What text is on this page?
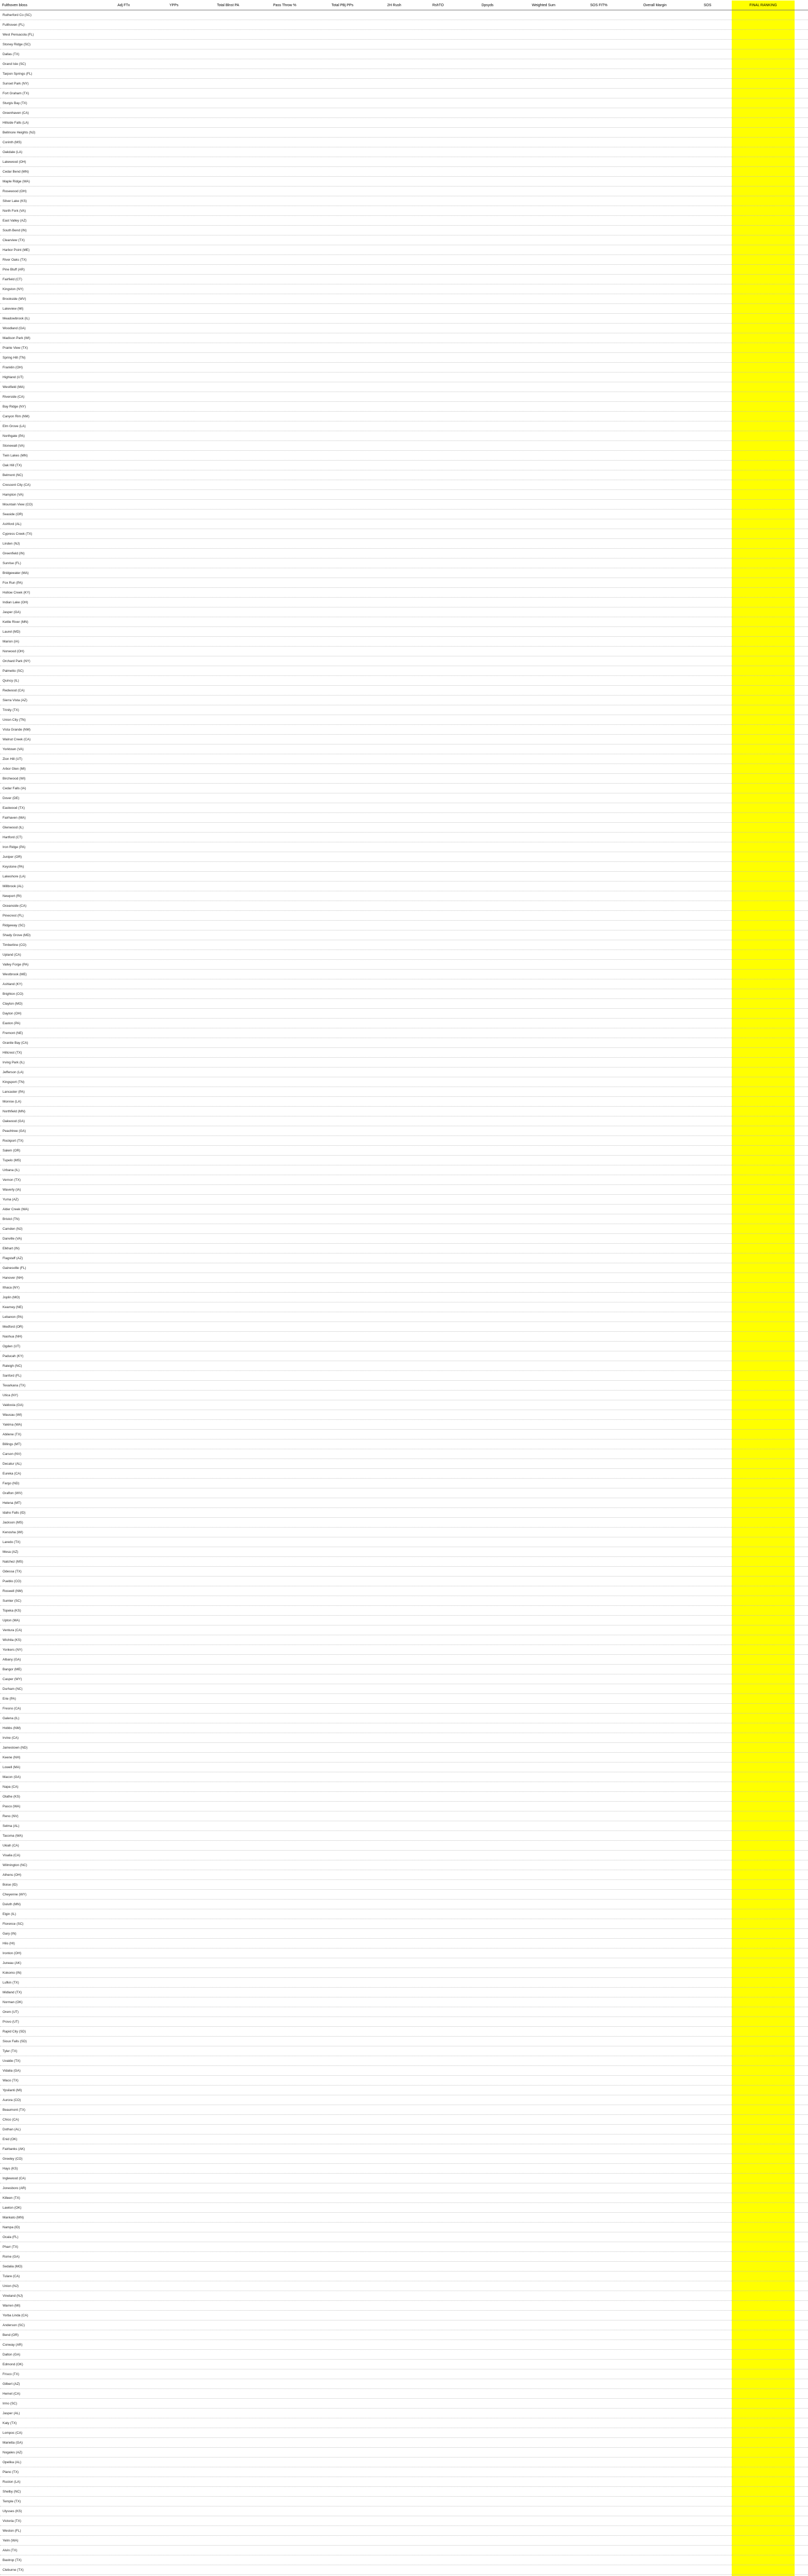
Fulthoven bloss	Adj FTx	YPPs	Total Blnst PA	Pass Throw %	Total PBj PPs	2H Rush	RshTO	Dpsyds	Weighted Sum	SOS FIT%	Overall Margin	SOS	FINAL RANKING
Rutherford Co (SC)
Fulthoven (FL)
West Pensacola (FL)
Stoney Ridge (SC)
Dallas (TX)
Grand Isle (SC)
Tarpon Springs (FL)
Sunset Park (NY)
Fort Graham (TX)
Sturgis Bay (TX)
Greenhaven (CA)
Hillside Falls (LA)
Bellmore Heights (NJ)
Corinth (MS)
Oakdale (LA)
Lakewood (OH)
Cedar Bend (MN)
Maple Ridge (WA)
Rosewood (OH)
Silver Lake (KS)
North Fork (VA)
East Valley (AZ)
South Bend (IN)
Clearview (TX)
Harbor Point (ME)
River Oaks (TX)
Pine Bluff (AR)
Fairfield (CT)
Kingston (NY)
Brookside (WV)
Lakeview (MI)
Meadowbrook (IL)
Woodland (GA)
Madison Park (WI)
Prairie View (TX)
Spring Hill (TN)
Franklin (OH)
Highland (UT)
Westfield (MA)
Riverside (CA)
Bay Ridge (NY)
Canyon Rim (NM)
Elm Grove (LA)
Northgate (PA)
Stonewall (VA)
Twin Lakes (MN)
Oak Hill (TX)
Belmont (NC)
Crescent City (CA)
Hampton (VA)
Mountain View (CO)
Seaside (OR)
Ashford (AL)
Cypress Creek (TX)
Linden (NJ)
Greenfield (IN)
Sunrise (FL)
Bridgewater (MA)
Fox Run (PA)
Hollow Creek (KY)
Indian Lake (OH)
Jasper (GA)
Kettle River (MN)
Laurel (MD)
Marion (IA)
Norwood (OH)
Orchard Park (NY)
Palmetto (SC)
Quincy (IL)
Redwood (CA)
Sierra Vista (AZ)
Trinity (TX)
Union City (TN)
Vista Grande (NM)
Walnut Creek (CA)
Yorktown (VA)
Zion Hill (UT)
Arbor Glen (MI)
Birchwood (WI)
Cedar Falls (IA)
Dover (DE)
Eastwood (TX)
Fairhaven (MA)
Glenwood (IL)
Hartford (CT)
Iron Ridge (PA)
Juniper (OR)
Keystone (PA)
Lakeshore (LA)
Millbrook (AL)
Newport (RI)
Oceanside (CA)
Pinecrest (FL)
Ridgeway (SC)
Shady Grove (MD)
Timberline (CO)
Upland (CA)
Valley Forge (PA)
Westbrook (ME)
Ashland (KY)
Brighton (CO)
Clayton (MO)
Dayton (OH)
Easton (PA)
Fremont (NE)
Granite Bay (CA)
Hillcrest (TX)
Irving Park (IL)
Jefferson (LA)
Kingsport (TN)
Lancaster (PA)
Monroe (LA)
Northfield (MN)
Oakwood (GA)
Peachtree (GA)
Rockport (TX)
Salem (OR)
Tupelo (MS)
Urbana (IL)
Vernon (TX)
Waverly (IA)
Yuma (AZ)
Alder Creek (WA)
Bristol (TN)
Camden (NJ)
Danville (VA)
Elkhart (IN)
Flagstaff (AZ)
Gainesville (FL)
Hanover (NH)
Ithaca (NY)
Joplin (MO)
Kearney (NE)
Lebanon (PA)
Medford (OR)
Nashua (NH)
Ogden (UT)
Paducah (KY)
Raleigh (NC)
Sanford (FL)
Texarkana (TX)
Utica (NY)
Valdosta (GA)
Wausau (WI)
Yakima (WA)
Abilene (TX)
Billings (MT)
Carson (NV)
Decatur (AL)
Eureka (CA)
Fargo (ND)
Grafton (WV)
Helena (MT)
Idaho Falls (ID)
Jackson (MS)
Kenosha (WI)
Laredo (TX)
Mesa (AZ)
Natchez (MS)
Odessa (TX)
Pueblo (CO)
Roswell (NM)
Sumter (SC)
Topeka (KS)
Upton (MA)
Ventura (CA)
Wichita (KS)
Yonkers (NY)
Albany (GA)
Bangor (ME)
Casper (WY)
Durham (NC)
Erie (PA)
Fresno (CA)
Galena (IL)
Hobbs (NM)
Irvine (CA)
Jamestown (ND)
Keene (NH)
Lowell (MA)
Macon (GA)
Napa (CA)
Olathe (KS)
Pasco (WA)
Reno (NV)
Selma (AL)
Tacoma (WA)
Ukiah (CA)
Visalia (CA)
Wilmington (NC)
Athens (OH)
Boise (ID)
Cheyenne (WY)
Duluth (MN)
Elgin (IL)
Florence (SC)
Gary (IN)
Hilo (HI)
Ironton (OH)
Juneau (AK)
Kokomo (IN)
Lufkin (TX)
Midland (TX)
Norman (OK)
Orem (UT)
Provo (UT)
Rapid City (SD)
Sioux Falls (SD)
Tyler (TX)
Uvalde (TX)
Vidalia (GA)
Waco (TX)
Ypsilanti (MI)
Aurora (CO)
Beaumont (TX)
Chico (CA)
Dothan (AL)
Enid (OK)
Fairbanks (AK)
Greeley (CO)
Hays (KS)
Inglewood (CA)
Jonesboro (AR)
Killeen (TX)
Lawton (OK)
Mankato (MN)
Nampa (ID)
Ocala (FL)
Pharr (TX)
Rome (GA)
Sedalia (MO)
Tulare (CA)
Union (NJ)
Vineland (NJ)
Warren (MI)
Yorba Linda (CA)
Anderson (SC)
Bend (OR)
Conway (AR)
Dalton (GA)
Edmond (OK)
Frisco (TX)
Gilbert (AZ)
Hemet (CA)
Irmo (SC)
Jasper (AL)
Katy (TX)
Lompoc (CA)
Marietta (GA)
Nogales (AZ)
Opelika (AL)
Plano (TX)
Ruston (LA)
Shelby (NC)
Temple (TX)
Ulysses (KS)
Victoria (TX)
Weston (FL)
Yelm (WA)
Alvin (TX)
Bastrop (TX)
Cleburne (TX)
